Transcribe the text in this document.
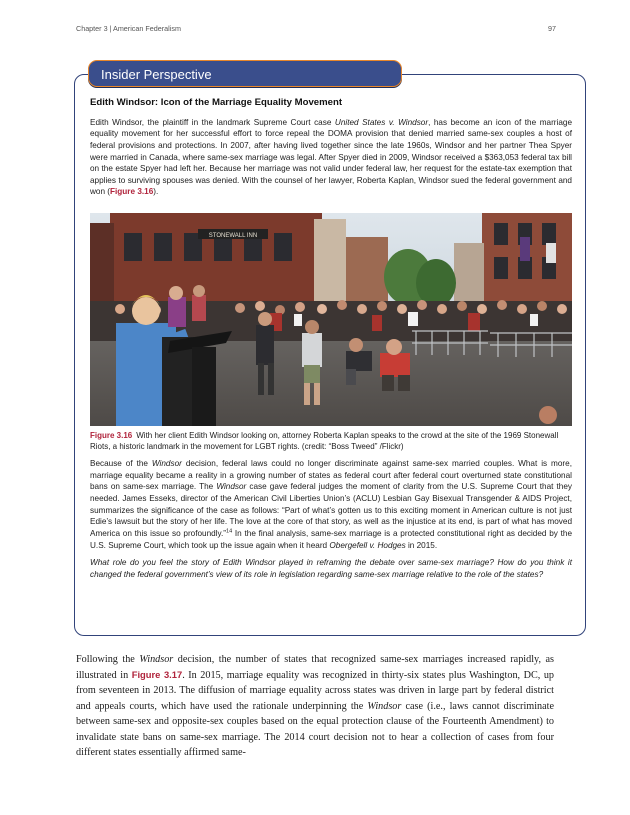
Chapter 3 | American Federalism	97
Insider Perspective
Edith Windsor: Icon of the Marriage Equality Movement

Edith Windsor, the plaintiff in the landmark Supreme Court case United States v. Windsor, has become an icon of the marriage equality movement for her successful effort to force repeal the DOMA provision that denied married same-sex couples a host of federal provisions and protections. In 2007, after having lived together since the late 1960s, Windsor and her partner Thea Spyer were married in Canada, where same-sex marriage was legal. After Spyer died in 2009, Windsor received a $363,053 federal tax bill on the estate Spyer had left her. Because her marriage was not valid under federal law, her request for the estate-tax exemption that applies to surviving spouses was denied. With the counsel of her lawyer, Roberta Kaplan, Windsor sued the federal government and won (Figure 3.16).

STONEWALL INN

Figure 3.16 With her client Edith Windsor looking on, attorney Roberta Kaplan speaks to the crowd at the site of the 1969 Stonewall Riots, a historic landmark in the movement for LGBT rights. (credit: “Boss Tweed” /Flickr)

Because of the Windsor decision, federal laws could no longer discriminate against same-sex married couples. What is more, marriage equality became a reality in a growing number of states as federal court after federal court overturned state constitutional bans on same-sex marriage. The Windsor case gave federal judges the moment of clarity from the U.S. Supreme Court that they needed. James Esseks, director of the American Civil Liberties Union’s (ACLU) Lesbian Gay Bisexual Transgender & AIDS Project, summarizes the significance of the case as follows: “Part of what’s gotten us to this exciting moment in American culture is not just Edie’s lawsuit but the story of her life. The love at the core of that story, as well as the injustice at its end, is part of what has moved America on this issue so profoundly.”$^{14}$ In the final analysis, same-sex marriage is a protected constitutional right as decided by the U.S. Supreme Court, which took up the issue again when it heard Obergefell v. Hodges in 2015.

What role do you feel the story of Edith Windsor played in reframing the debate over same-sex marriage? How do you think it changed the federal government’s view of its role in legislation regarding same-sex marriage relative to the role of the states?

Following the Windsor decision, the number of states that recognized same-sex marriages increased rapidly, as illustrated in Figure 3.17. In 2015, marriage equality was recognized in thirty-six states plus Washington, DC, up from seventeen in 2013. The diffusion of marriage equality across states was driven in large part by federal district and appeals courts, which have used the rationale underpinning the Windsor case (i.e., laws cannot discriminate between same-sex and opposite-sex couples based on the equal protection clause of the Fourteenth Amendment) to invalidate state bans on same-sex marriage. The 2014 court decision not to hear a collection of cases from four different states essentially affirmed same-
